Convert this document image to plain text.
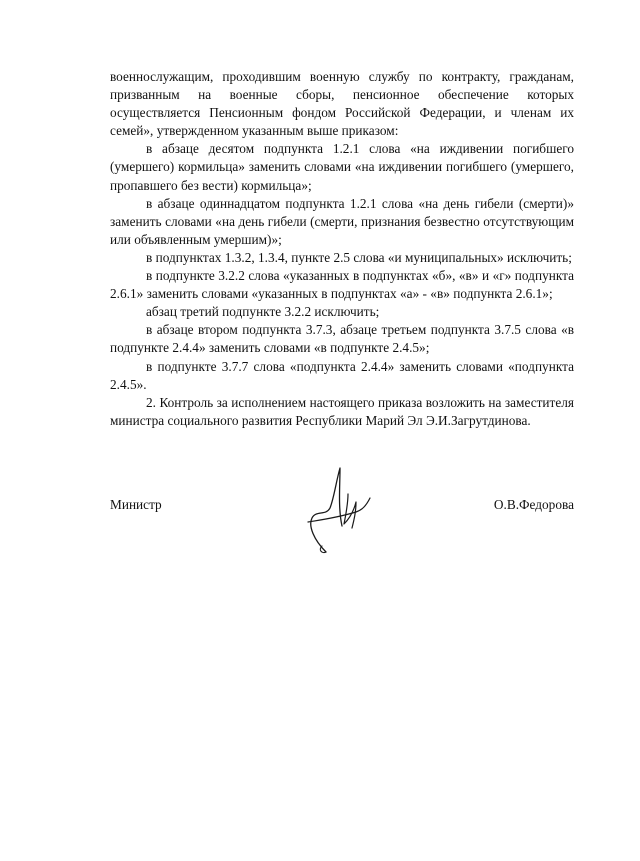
военнослужащим, проходившим военную службу по контракту, гражданам, призванным на военные сборы, пенсионное обеспечение которых осуществляется Пенсионным фондом Российской Федерации, и членам их семей», утвержденном указанным выше приказом:

в абзаце десятом подпункта 1.2.1 слова «на иждивении погибшего (умершего) кормильца» заменить словами «на иждивении погибшего (умершего, пропавшего без вести) кормильца»;

в абзаце одиннадцатом подпункта 1.2.1 слова «на день гибели (смерти)» заменить словами «на день гибели (смерти, признания безвестно отсутствующим или объявленным умершим)»;

в подпунктах 1.3.2, 1.3.4, пункте 2.5 слова «и муниципальных» исключить;

в подпункте 3.2.2 слова «указанных в подпунктах «б», «в» и «г» подпункта 2.6.1» заменить словами «указанных в подпунктах «а» - «в» подпункта 2.6.1»;

абзац третий подпункте 3.2.2 исключить;

в абзаце втором подпункта 3.7.3, абзаце третьем подпункта 3.7.5 слова «в подпункте 2.4.4» заменить словами «в подпункте 2.4.5»;

в подпункте 3.7.7 слова «подпункта 2.4.4» заменить словами «подпункта 2.4.5».

2. Контроль за исполнением настоящего приказа возложить на заместителя министра социального развития Республики Марий Эл Э.И.Загрутдинова.

Министр	О.В.Федорова
